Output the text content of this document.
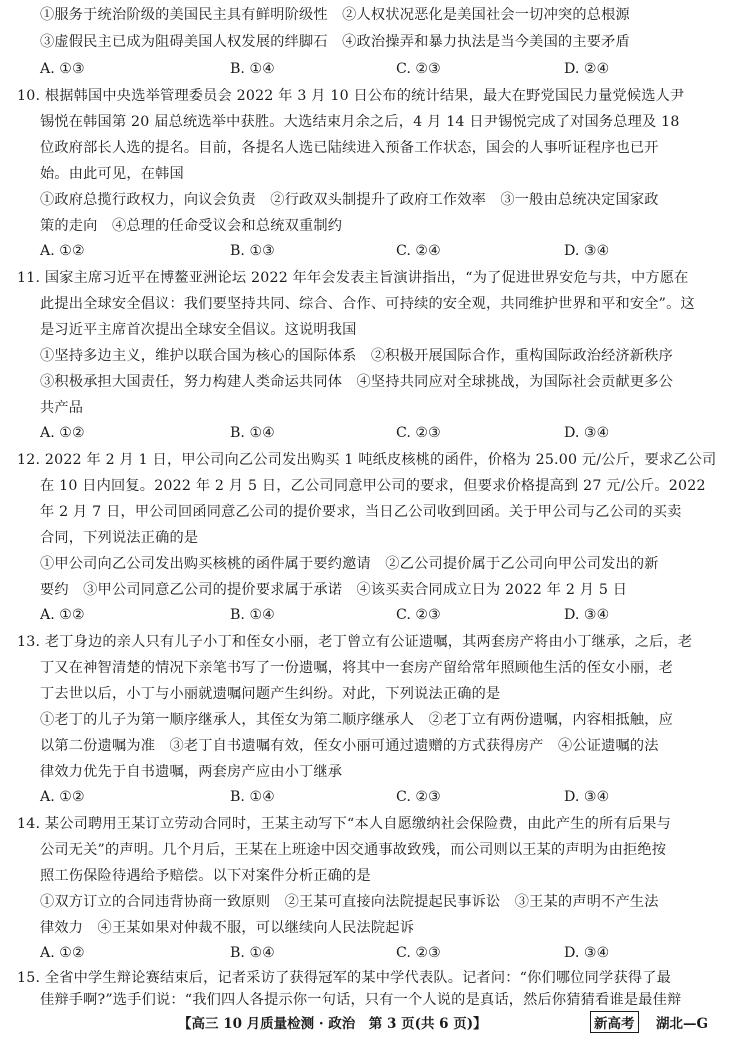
①服务于统治阶级的美国民主具有鲜明阶级性　②人权状况恶化是美国社会一切冲突的总根源
③虚假民主已成为阻碍美国人权发展的绊脚石　④政治操弄和暴力执法是当今美国的主要矛盾
A. ①③	B. ①④	C. ②③	D. ②④
10. 根据韩国中央选举管理委员会 2022 年 3 月 10 日公布的统计结果，最大在野党国民力量党候选人尹
锡悦在韩国第 20 届总统选举中获胜。大选结束月余之后，4 月 14 日尹锡悦完成了对国务总理及 18
位政府部长人选的提名。目前，各提名人选已陆续进入预备工作状态，国会的人事听证程序也已开
始。由此可见，在韩国
①政府总揽行政权力，向议会负责　②行政双头制提升了政府工作效率　③一般由总统决定国家政
策的走向　④总理的任命受议会和总统双重制约
A. ①②	B. ①③	C. ②④	D. ③④
11. 国家主席习近平在博鳌亚洲论坛 2022 年年会发表主旨演讲指出，“为了促进世界安危与共，中方愿在
此提出全球安全倡议：我们要坚持共同、综合、合作、可持续的安全观，共同维护世界和平和安全”。这
是习近平主席首次提出全球安全倡议。这说明我国
①坚持多边主义，维护以联合国为核心的国际体系　②积极开展国际合作，重构国际政治经济新秩序
③积极承担大国责任，努力构建人类命运共同体　④坚持共同应对全球挑战，为国际社会贡献更多公
共产品
A. ①②	B. ①④	C. ②③	D. ③④
12. 2022 年 2 月 1 日，甲公司向乙公司发出购买 1 吨纸皮核桃的函件，价格为 25.00 元/公斤，要求乙公司
在 10 日内回复。2022 年 2 月 5 日，乙公司同意甲公司的要求，但要求价格提高到 27 元/公斤。2022
年 2 月 7 日，甲公司回函同意乙公司的提价要求，当日乙公司收到回函。关于甲公司与乙公司的买卖
合同，下列说法正确的是
①甲公司向乙公司发出购买核桃的函件属于要约邀请　②乙公司提价属于乙公司向甲公司发出的新
要约　③甲公司同意乙公司的提价要求属于承诺　④该买卖合同成立日为 2022 年 2 月 5 日
A. ①②	B. ①④	C. ②③	D. ③④
13. 老丁身边的亲人只有儿子小丁和侄女小丽，老丁曾立有公证遗嘱，其两套房产将由小丁继承，之后，老
丁又在神智清楚的情况下亲笔书写了一份遗嘱，将其中一套房产留给常年照顾他生活的侄女小丽，老
丁去世以后，小丁与小丽就遗嘱问题产生纠纷。对此，下列说法正确的是
①老丁的儿子为第一顺序继承人，其侄女为第二顺序继承人　②老丁立有两份遗嘱，内容相抵触，应
以第二份遗嘱为准　③老丁自书遗嘱有效，侄女小丽可通过遗赠的方式获得房产　④公证遗嘱的法
律效力优先于自书遗嘱，两套房产应由小丁继承
A. ①②	B. ①④	C. ②③	D. ③④
14. 某公司聘用王某订立劳动合同时，王某主动写下“本人自愿缴纳社会保险费，由此产生的所有后果与
公司无关”的声明。几个月后，王某在上班途中因交通事故致残，而公司则以王某的声明为由拒绝按
照工伤保险待遇给予赔偿。以下对案件分析正确的是
①双方订立的合同违背协商一致原则　②王某可直接向法院提起民事诉讼　③王某的声明不产生法
律效力　④王某如果对仲裁不服，可以继续向人民法院起诉
A. ①②	B. ①④	C. ②③	D. ③④
15. 全省中学生辩论赛结束后，记者采访了获得冠军的某中学代表队。记者问：“你们哪位同学获得了最
佳辩手啊?”选手们说：“我们四人各提示你一句话，只有一个人说的是真话，然后你猜猜看谁是最佳辩
【高三 10 月质量检测 · 政治　第 3 页(共 6 页)】	新高考 湖北—G
